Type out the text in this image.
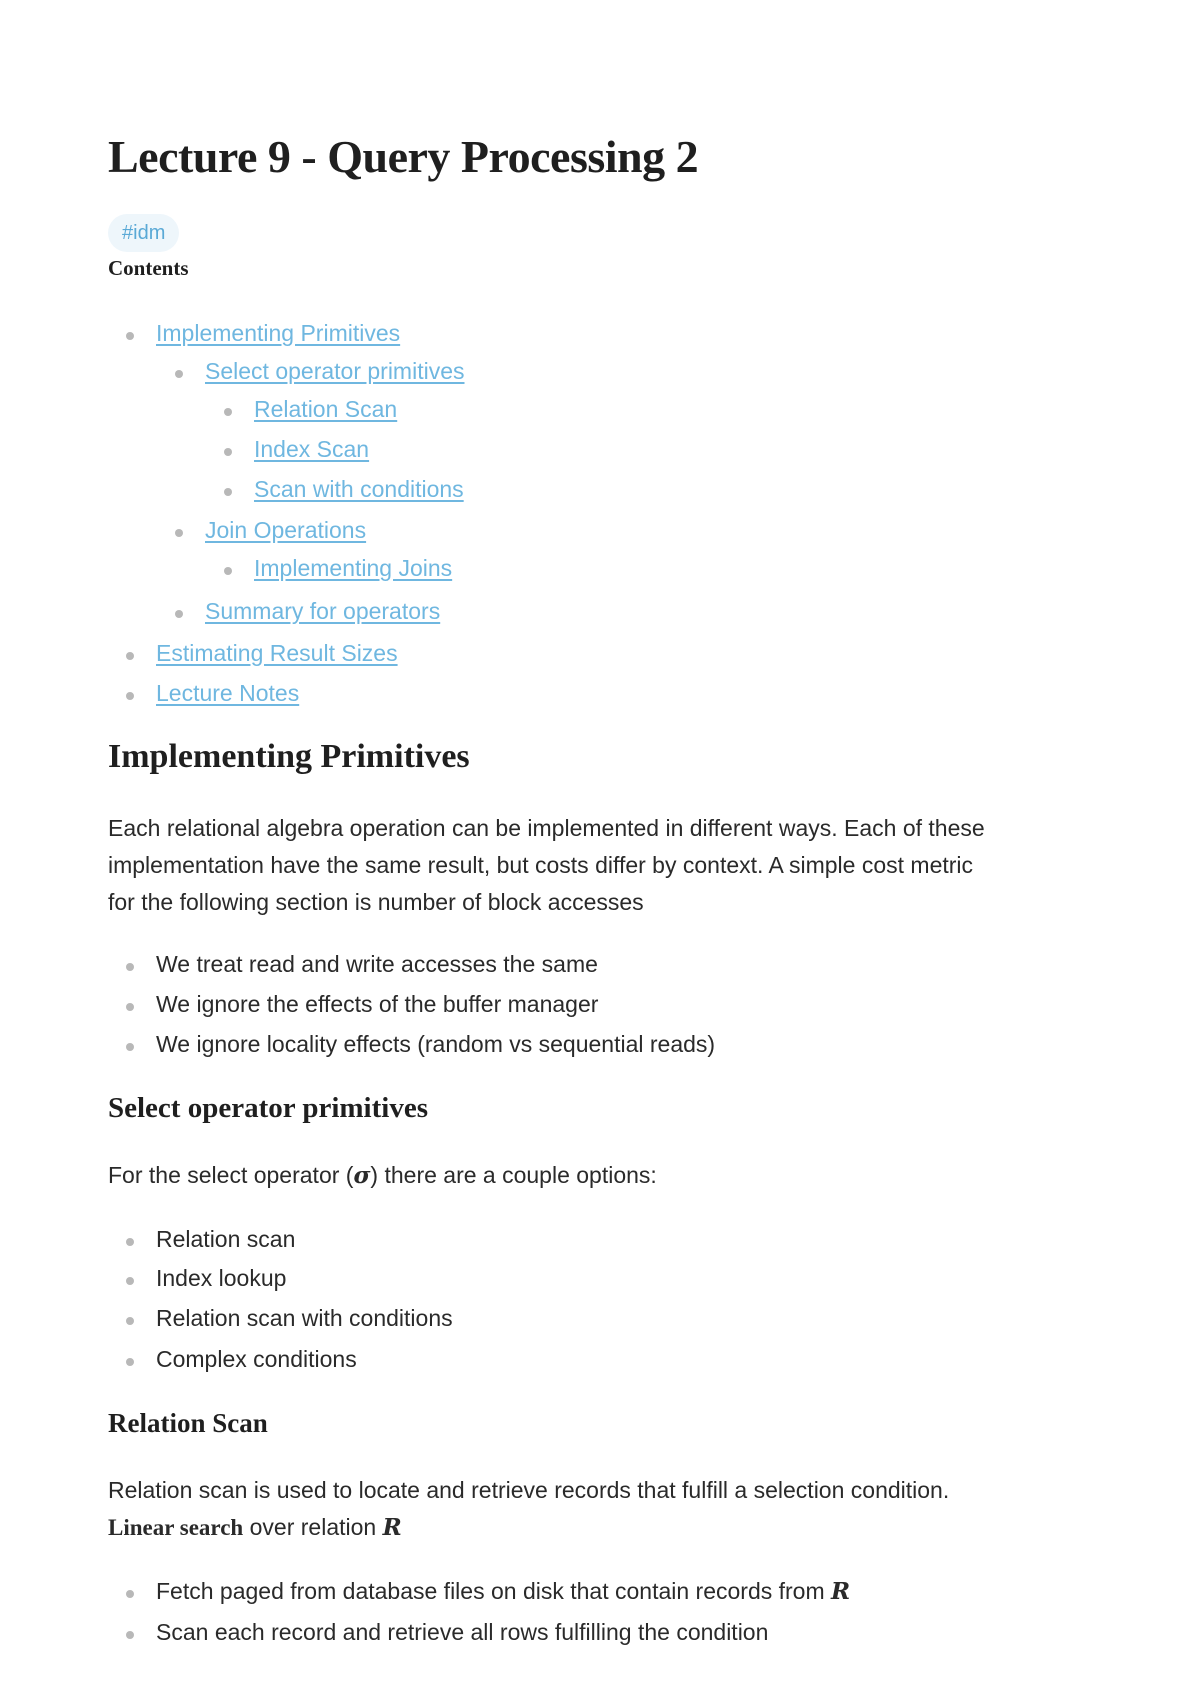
Lecture 9 - Query Processing 2
#idm
Contents
Implementing Primitives
Select operator primitives
Relation Scan
Index Scan
Scan with conditions
Join Operations
Implementing Joins
Summary for operators
Estimating Result Sizes
Lecture Notes
Implementing Primitives
Each relational algebra operation can be implemented in different ways. Each of these
implementation have the same result, but costs differ by context. A simple cost metric
for the following section is number of block accesses
We treat read and write accesses the same
We ignore the effects of the buffer manager
We ignore locality effects (random vs sequential reads)
Select operator primitives
For the select operator (σ) there are a couple options:
Relation scan
Index lookup
Relation scan with conditions
Complex conditions
Relation Scan
Relation scan is used to locate and retrieve records that fulfill a selection condition.
Linear search over relation R
Fetch paged from database files on disk that contain records from R
Scan each record and retrieve all rows fulfilling the condition
